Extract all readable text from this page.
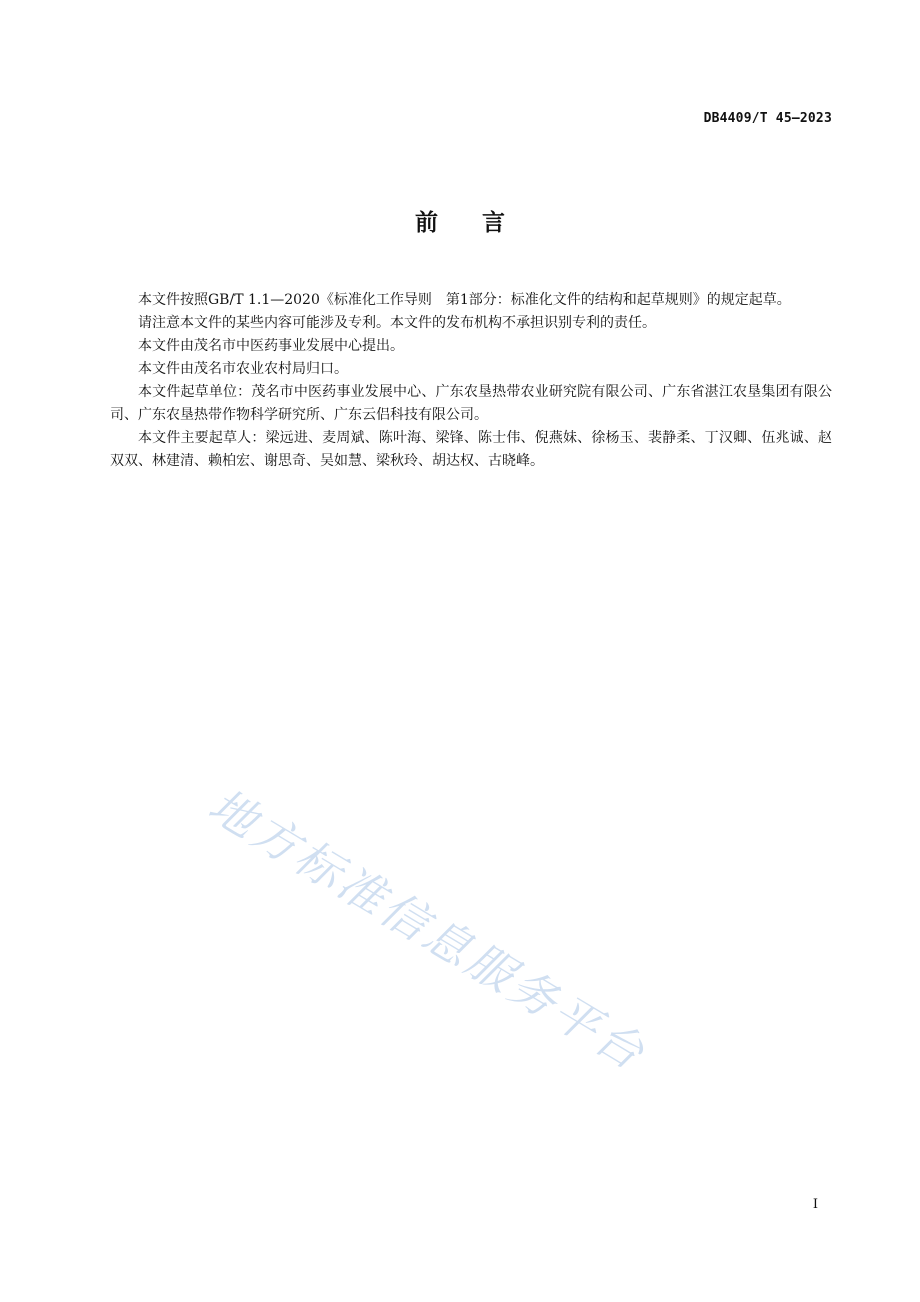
DB4409/T 45—2023
前言

本文件按照GB/T 1.1—2020《标准化工作导则　第1部分：标准化文件的结构和起草规则》的规定起草。

请注意本文件的某些内容可能涉及专利。本文件的发布机构不承担识别专利的责任。

本文件由茂名市中医药事业发展中心提出。

本文件由茂名市农业农村局归口。

本文件起草单位：茂名市中医药事业发展中心、广东农垦热带农业研究院有限公司、广东省湛江农垦集团有限公司、广东农垦热带作物科学研究所、广东云侣科技有限公司。

本文件主要起草人：梁远进、麦周斌、陈叶海、梁锋、陈士伟、倪燕妹、徐杨玉、裴静柔、丁汉卿、伍兆诚、赵双双、林建清、赖柏宏、谢思奇、吴如慧、梁秋玲、胡达权、古晓峰。

地方标准信息服务平台
I
